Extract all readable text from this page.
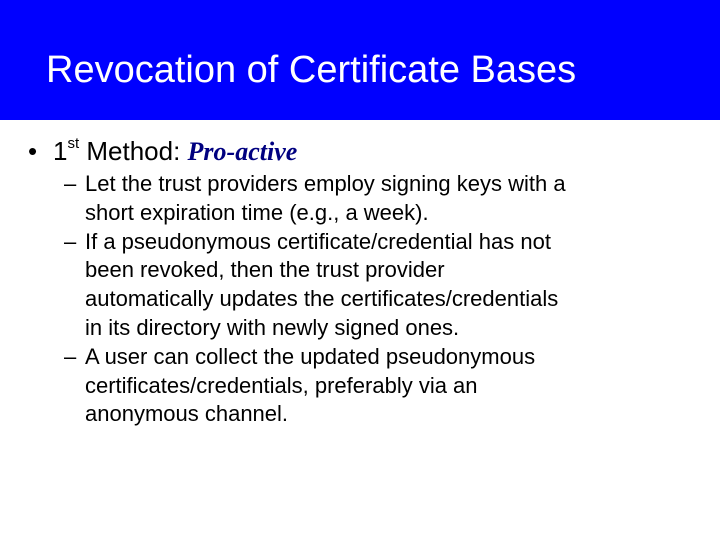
Revocation of Certificate Bases
• 1st Method: Pro-active
– Let the trust providers employ signing keys with a
short expiration time (e.g., a week).
– If a pseudonymous certificate/credential has not
been revoked, then the trust provider
automatically updates the certificates/credentials
in its directory with newly signed ones.
– A user can collect the updated pseudonymous
certificates/credentials, preferably via an
anonymous channel.
